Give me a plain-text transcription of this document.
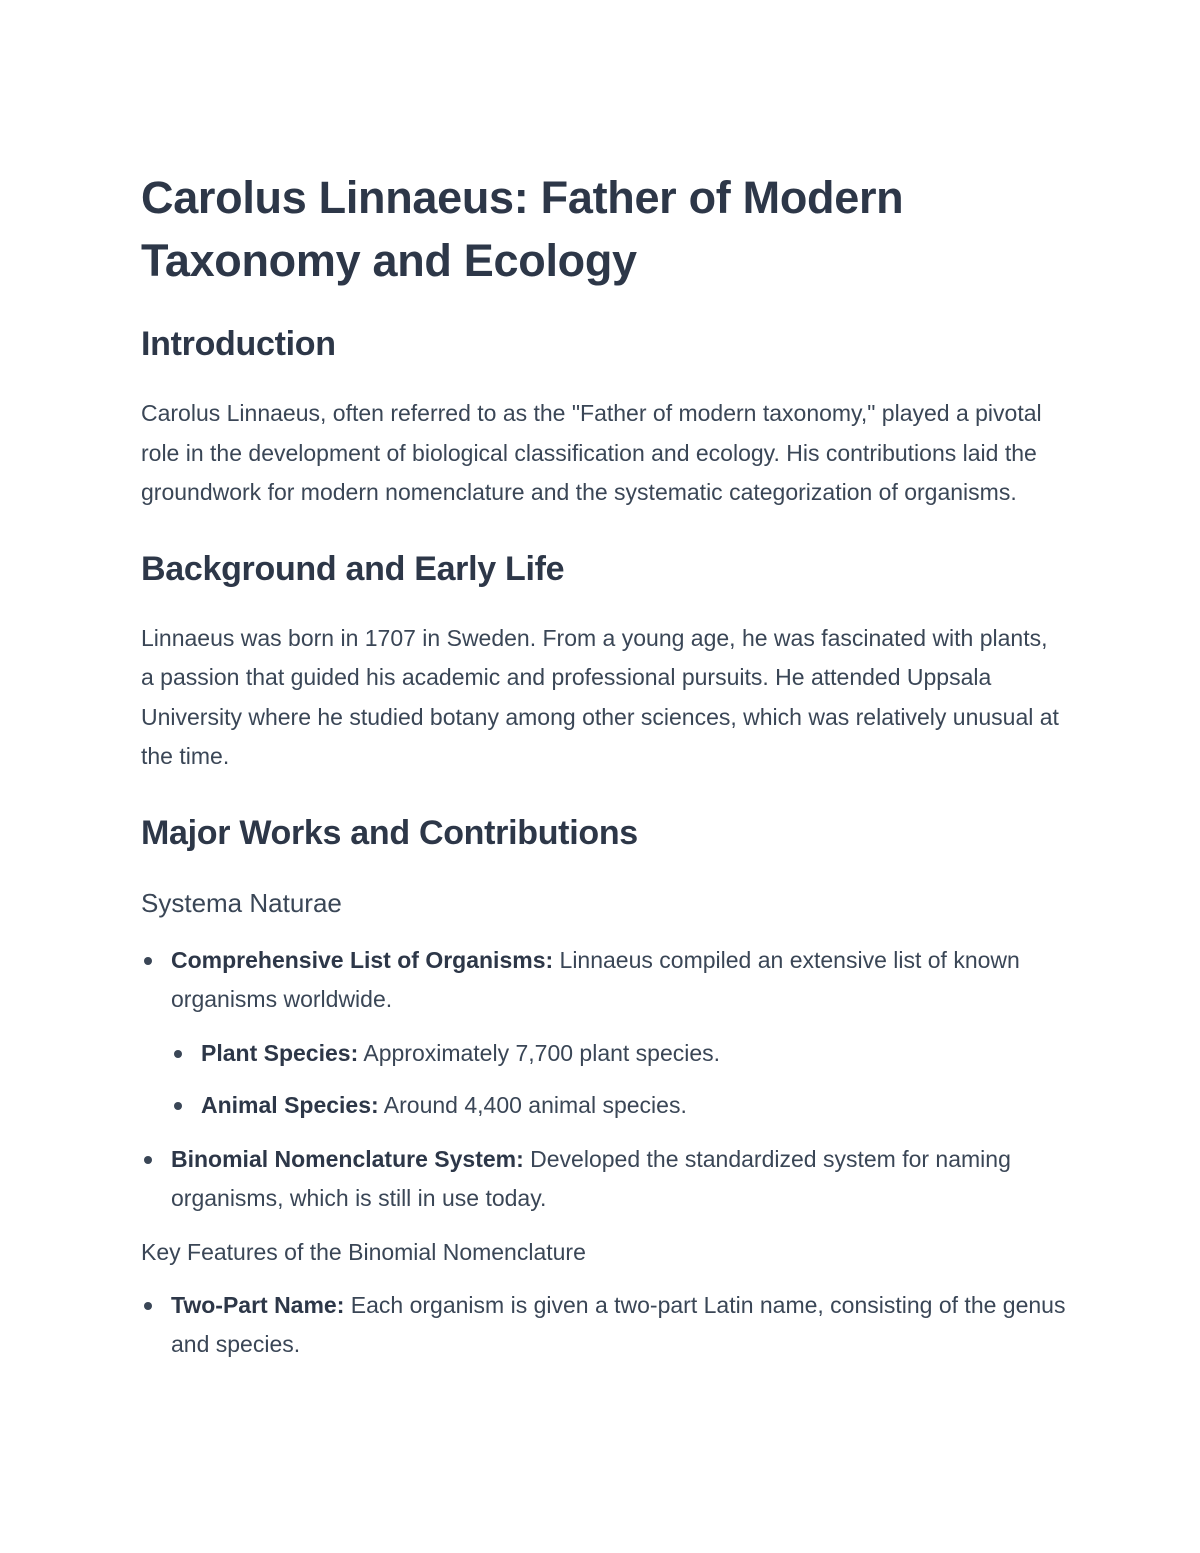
Carolus Linnaeus: Father of Modern Taxonomy and Ecology
Introduction

Carolus Linnaeus, often referred to as the "Father of modern taxonomy," played a pivotal role in the development of biological classification and ecology. His contributions laid the groundwork for modern nomenclature and the systematic categorization of organisms.

Background and Early Life

Linnaeus was born in 1707 in Sweden. From a young age, he was fascinated with plants, a passion that guided his academic and professional pursuits. He attended Uppsala University where he studied botany among other sciences, which was relatively unusual at the time.

Major Works and Contributions
Systema Naturae
Comprehensive List of Organisms: Linnaeus compiled an extensive list of known organisms worldwide.
Plant Species: Approximately 7,700 plant species.
Animal Species: Around 4,400 animal species.
Binomial Nomenclature System: Developed the standardized system for naming organisms, which is still in use today.
Key Features of the Binomial Nomenclature
Two-Part Name: Each organism is given a two-part Latin name, consisting of the genus and species.
